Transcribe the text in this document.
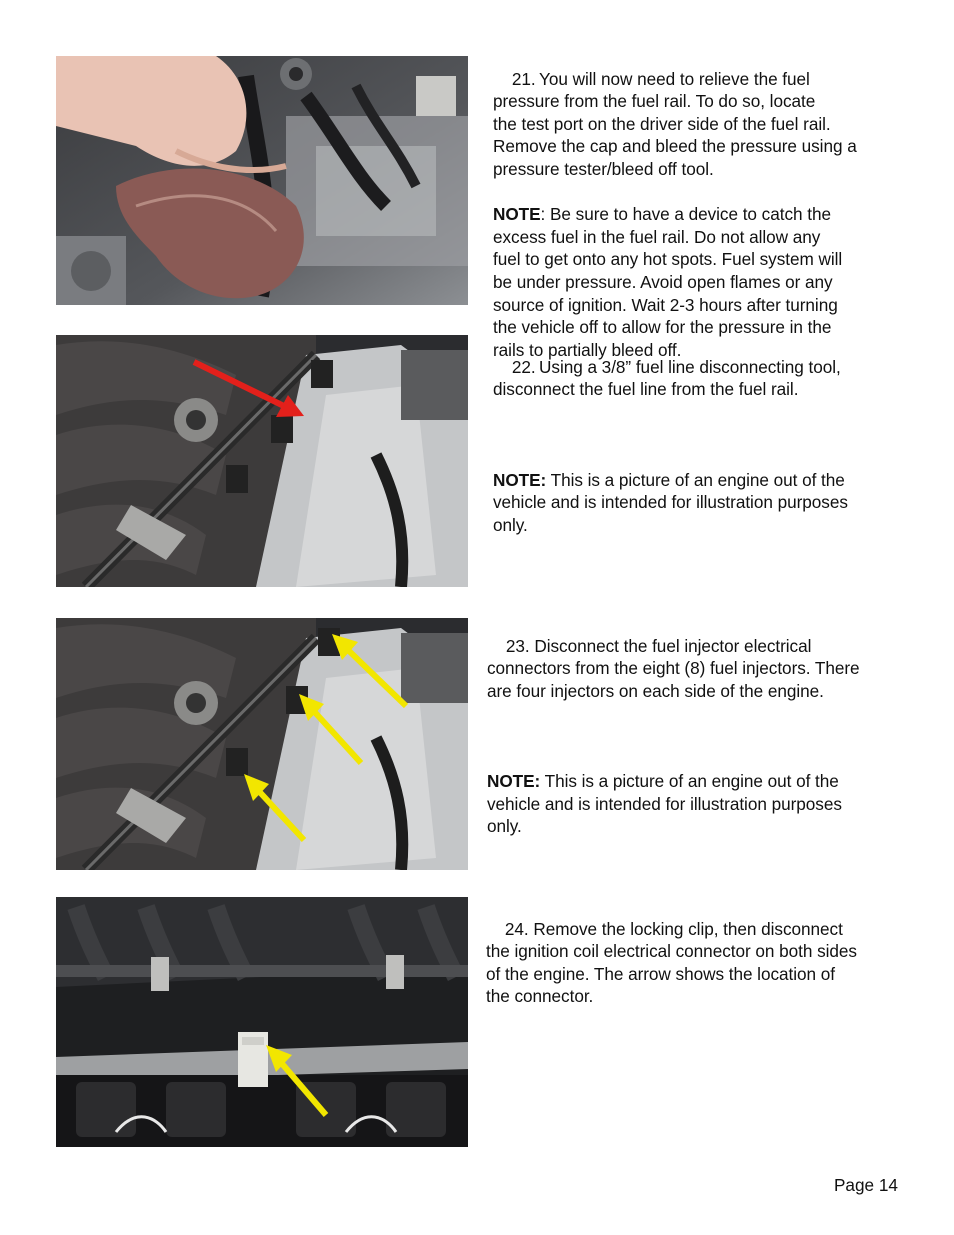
21. You will now need to relieve the fuel
pressure from the fuel rail. To do so, locate
the test port on the driver side of the fuel rail.
Remove the cap and bleed the pressure using a
pressure tester/bleed off tool.

NOTE: Be sure to have a device to catch the
excess fuel in the fuel rail. Do not allow any
fuel to get onto any hot spots. Fuel system will
be under pressure. Avoid open flames or any
source of ignition. Wait 2-3 hours after turning
the vehicle off to allow for the pressure in the
rails to partially bleed off.

22. Using a 3/8” fuel line disconnecting tool,
disconnect the fuel line from the fuel rail.

NOTE: This is a picture of an engine out of the
vehicle and is intended for illustration purposes
only.

23. Disconnect the fuel injector electrical
connectors from the eight (8) fuel injectors. There
are four injectors on each side of the engine.

NOTE: This is a picture of an engine out of the
vehicle and is intended for illustration purposes
only.

24. Remove the locking clip, then disconnect
the ignition coil electrical connector on both sides
of the engine. The arrow shows the location of
the connector.

Page 14
